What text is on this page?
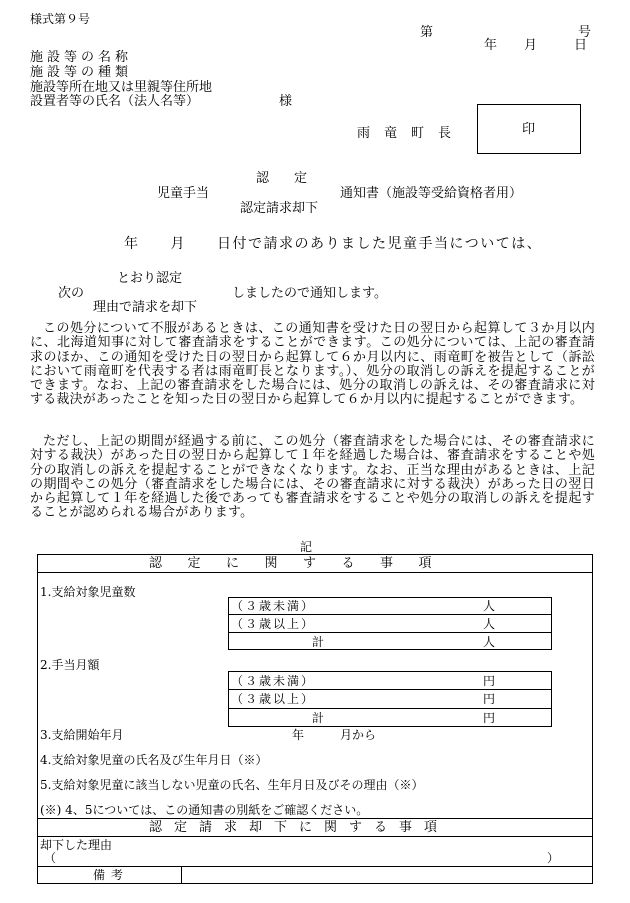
様式第９号
第	号
年 月	日
施設等の名称
施設等の種類
施設等所在地又は里親等住所地
設置者等の氏名（法人名等）	様
雨竜町長	印
認　定
児童手当	通知書（施設等受給資格者用）
認定請求却下
年　　月　　日付で請求のありました児童手当については、
とおり認定
次の	しましたので通知します。
理由で請求を却下
この処分について不服があるときは、この通知書を受けた日の翌日から起算して３か月以内に、北海道知事に対して審査請求をすることができます。この処分については、上記の審査請求のほか、この通知を受けた日の翌日から起算して６か月以内に、雨竜町を被告として（訴訟において雨竜町を代表する者は雨竜町長となります。）、処分の取消しの訴えを提起することができます。なお、上記の審査請求をした場合には、処分の取消しの訴えは、その審査請求に対する裁決があったことを知った日の翌日から起算して６か月以内に提起することができます。
ただし、上記の期間が経過する前に、この処分（審査請求をした場合には、その審査請求に対する裁決）があった日の翌日から起算して１年を経過した場合は、審査請求をすることや処分の取消しの訴えを提起することができなくなります。なお、正当な理由があるときは、上記の期間やこの処分（審査請求をした場合には、その審査請求に対する裁決）があった日の翌日から起算して１年を経過した後であっても審査請求をすることや処分の取消しの訴えを提起することが認められる場合があります。
記
認定に関する事項
1.支給対象児童数
（３歳未満）	人
（３歳以上）	人
計	人
2.手当月額
（３歳未満）	円
（３歳以上）	円
計	円
3.支給開始年月	年	月から
4.支給対象児童の氏名及び生年月日（※）
5.支給対象児童に該当しない児童の氏名、生年月日及びその理由（※）
(※) 4、5については、この通知書の別紙をご確認ください。
認定請求却下に関する事項
却下した理由
（	）
備考
